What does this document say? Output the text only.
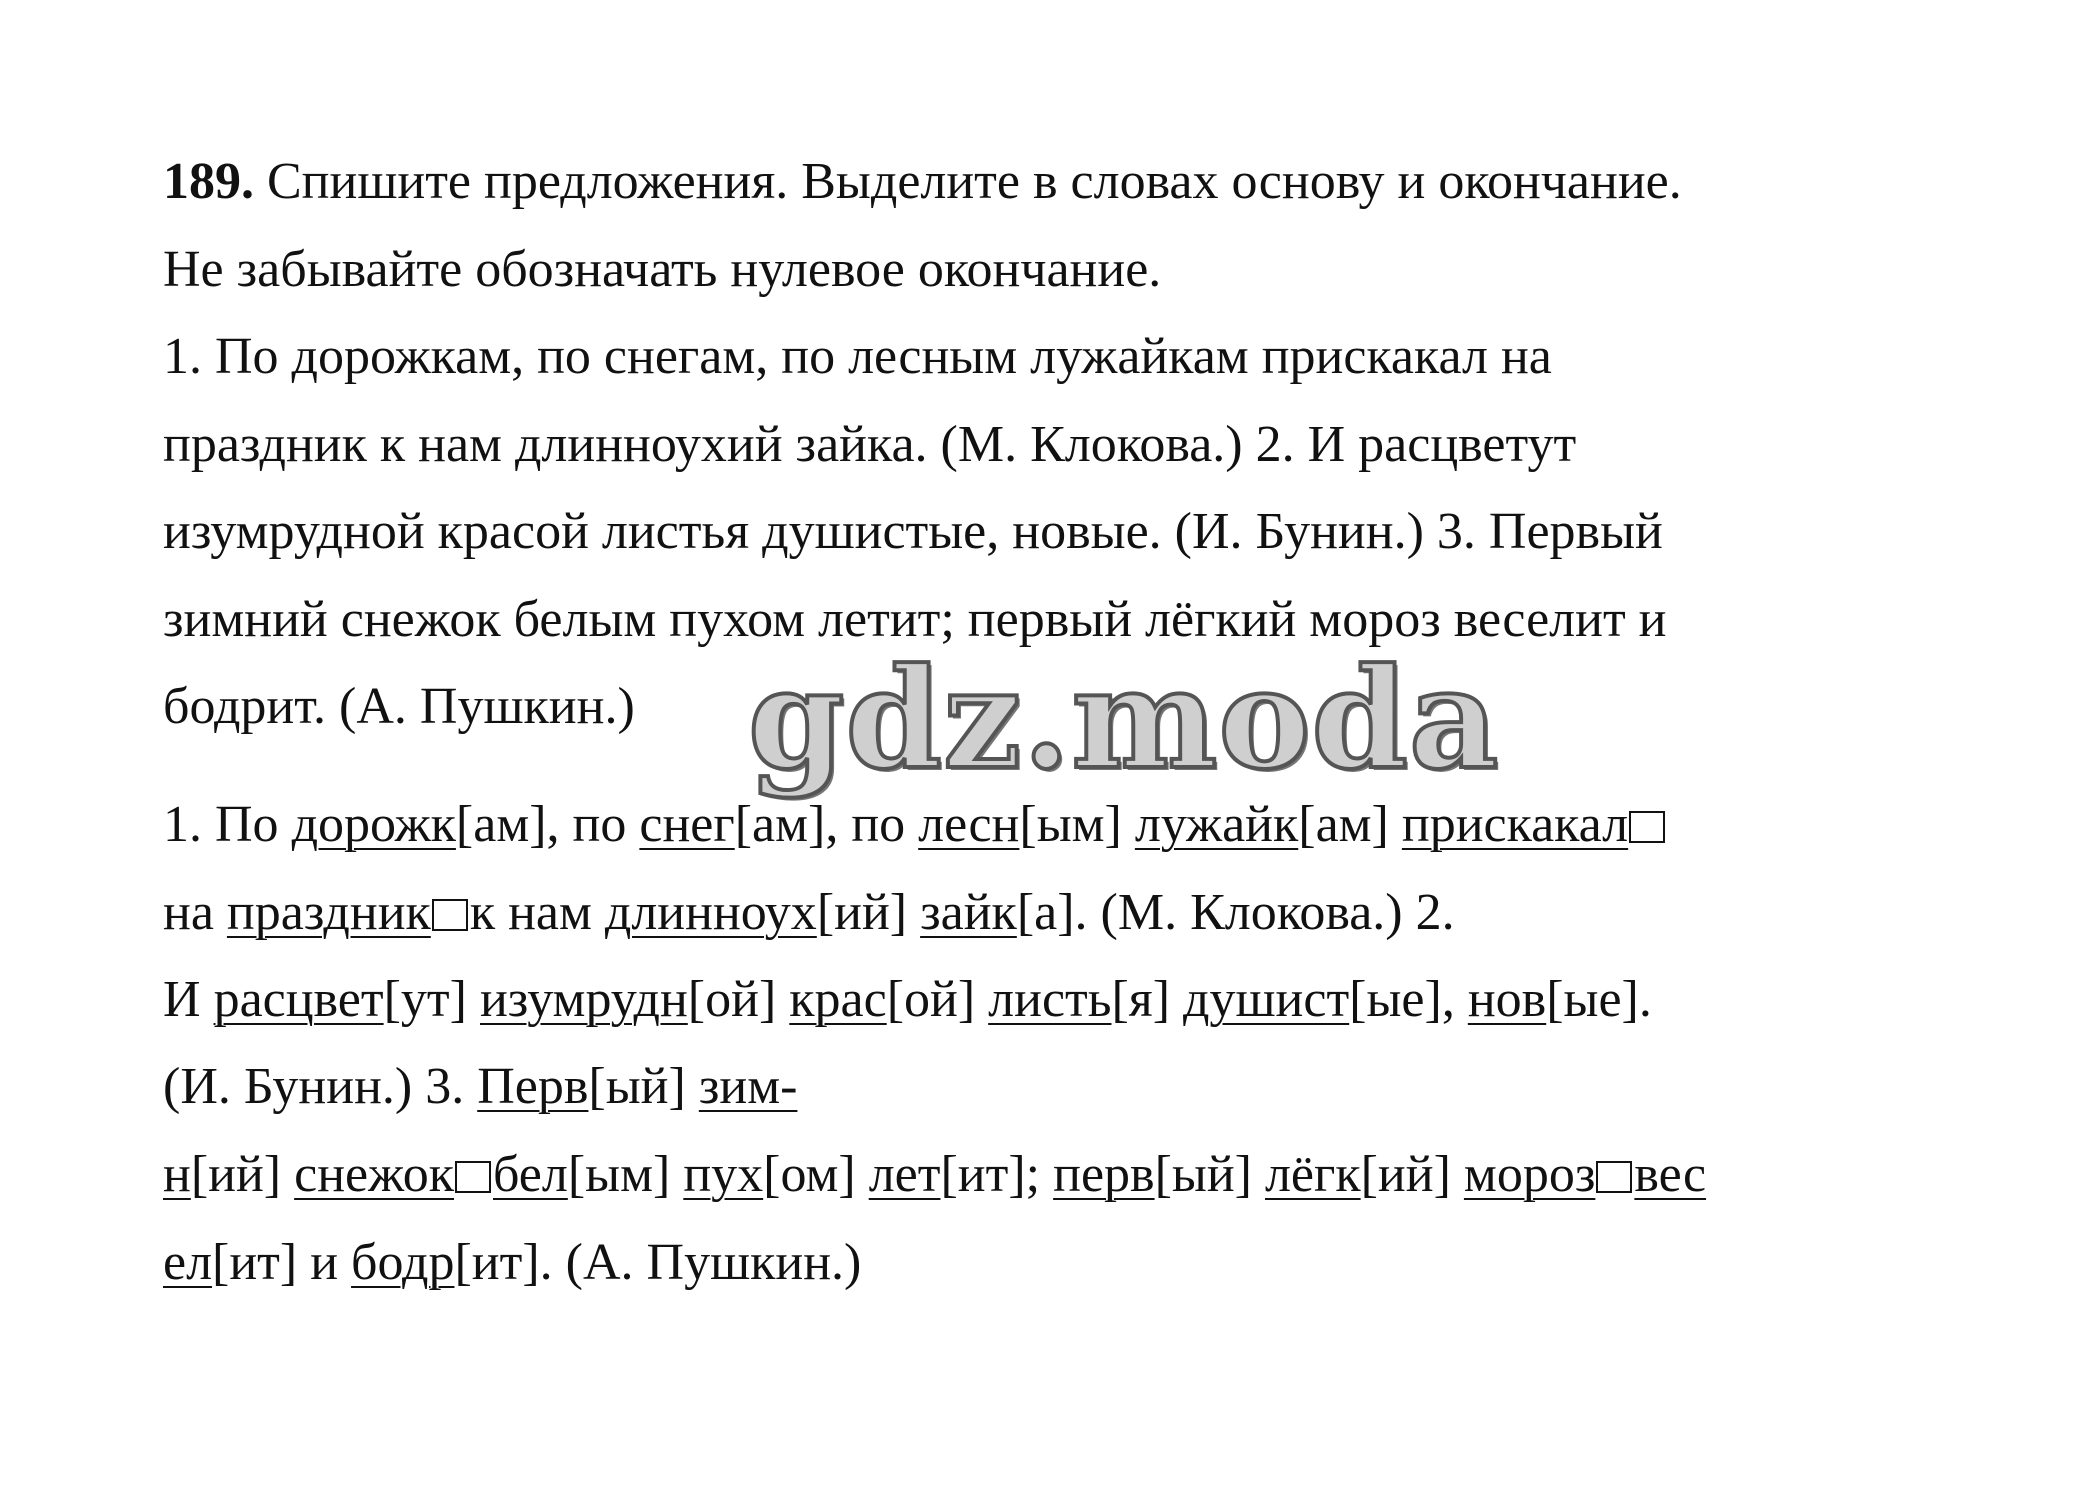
189. Спишите предложения. Выделите в словах основу и окончание.
Не забывайте обозначать нулевое окончание.
1. По дорожкам, по снегам, по лесным лужайкам прискакал на
праздник к нам длинноухий зайка. (М. Клокова.) 2. И расцветут
изумрудной красой листья душистые, новые. (И. Бунин.) 3. Первый
зимний снежок белым пухом летит; первый лёгкий мороз веселит и
бодрит. (А. Пушкин.)
1. По дорожк[ам], по снег[ам], по лесн[ым] лужайк[ам] прискакал
на праздник к нам длинноух[ий] зайк[а]. (М. Клокова.) 2.
И расцвет[ут] изумрудн[ой] крас[ой] листь[я] душист[ые], нов[ые].
(И. Бунин.) 3. Перв[ый] зим-
н[ий] снежок бел[ым] пух[ом] лет[ит]; перв[ый] лёгк[ий] мороз вес
ел[ит] и бодр[ит]. (А. Пушкин.)
gdz.moda
